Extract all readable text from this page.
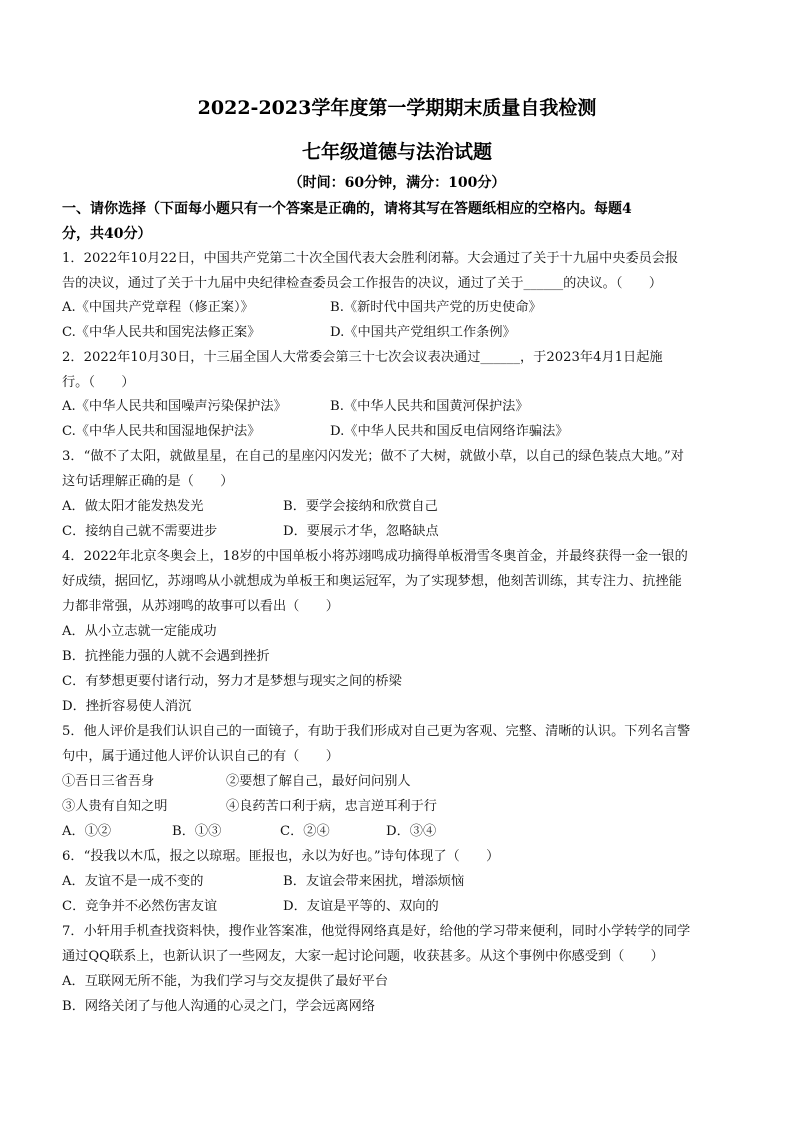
2022-2023学年度第一学期期末质量自我检测
七年级道德与法治试题
（时间：60分钟，满分：100分）
一、请你选择（下面每小题只有一个答案是正确的，请将其写在答题纸相应的空格内。每题4
分，共40分）
1．2022年10月22日，中国共产党第二十次全国代表大会胜利闭幕。大会通过了关于十九届中央委员会报
告的决议，通过了关于十九届中央纪律检查委员会工作报告的决议，通过了关于______的决议。（　　）
A.《中国共产党章程（修正案）》	B.《新时代中国共产党的历史使命》
C.《中华人民共和国宪法修正案》	D.《中国共产党组织工作条例》
2．2022年10月30日，十三届全国人大常委会第三十七次会议表决通过______，于2023年4月1日起施
行。（　　）
A.《中华人民共和国噪声污染保护法》	B.《中华人民共和国黄河保护法》
C.《中华人民共和国湿地保护法》	D.《中华人民共和国反电信网络诈骗法》
3．“做不了太阳，就做星星，在自己的星座闪闪发光；做不了大树，就做小草，以自己的绿色装点大地。”对
这句话理解正确的是（　　）
A．做太阳才能发热发光	B．要学会接纳和欣赏自己
C．接纳自己就不需要进步	D．要展示才华，忽略缺点
4．2022年北京冬奥会上，18岁的中国单板小将苏翊鸣成功摘得单板滑雪冬奥首金，并最终获得一金一银的
好成绩，据回忆，苏翊鸣从小就想成为单板王和奥运冠军，为了实现梦想，他刻苦训练，其专注力、抗挫能
力都非常强，从苏翊鸣的故事可以看出（　　）
A．从小立志就一定能成功
B．抗挫能力强的人就不会遇到挫折
C．有梦想更要付诸行动，努力才是梦想与现实之间的桥梁
D．挫折容易使人消沉
5．他人评价是我们认识自己的一面镜子，有助于我们形成对自己更为客观、完整、清晰的认识。下列名言警
句中，属于通过他人评价认识自己的有（　　）
①吾日三省吾身	②要想了解自己，最好问问别人
③人贵有自知之明	④良药苦口利于病，忠言逆耳利于行
A．①②	B．①③	C．②④	D．③④
6．“投我以木瓜，报之以琼琚。匪报也，永以为好也。”诗句体现了（　　）
A．友谊不是一成不变的	B．友谊会带来困扰，增添烦恼
C．竞争并不必然伤害友谊	D．友谊是平等的、双向的
7．小轩用手机查找资料快，搜作业答案准，他觉得网络真是好，给他的学习带来便利，同时小学转学的同学
通过QQ联系上，也新认识了一些网友，大家一起讨论问题，收获甚多。从这个事例中你感受到（　　）
A．互联网无所不能，为我们学习与交友提供了最好平台
B．网络关闭了与他人沟通的心灵之门，学会远离网络
